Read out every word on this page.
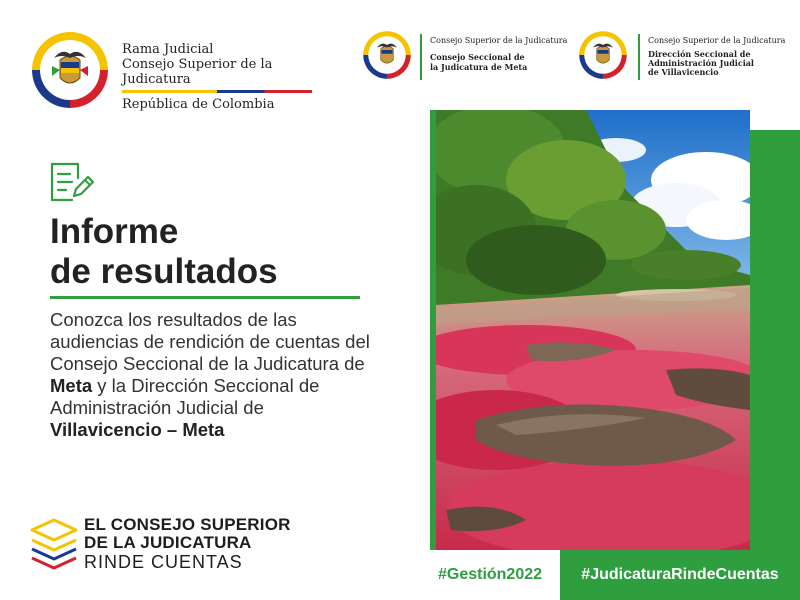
Rama Judicial
Consejo Superior de la Judicatura
República de Colombia
Consejo Superior de la Judicatura
Consejo Seccional de
la Judicatura de Meta
Consejo Superior de la Judicatura
Dirección Seccional de
Administración Judicial
de Villavicencio
Informe
de resultados
Conozca los resultados de las audiencias de rendición de cuentas del Consejo Seccional de la Judicatura de Meta y la Dirección Seccional de Administración Judicial de Villavicencio – Meta
EL CONSEJO SUPERIOR
DE LA JUDICATURA
RINDE CUENTAS
#Gestión2022 #JudicaturaRindeCuentas
